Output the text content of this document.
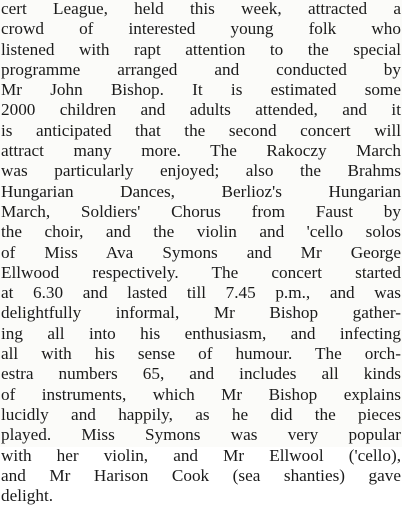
cert League, held this week, attracted a
crowd of interested young folk who
listened with rapt attention to the special
programme arranged and conducted by
Mr John Bishop. It is estimated some
2000 children and adults attended, and it
is anticipated that the second concert will
attract many more. The Rakoczy March
was particularly enjoyed; also the Brahms
Hungarian Dances, Berlioz's Hungarian
March, Soldiers' Chorus from Faust by
the choir, and the violin and 'cello solos
of Miss Ava Symons and Mr George
Ellwood respectively. The concert started
at 6.30 and lasted till 7.45 p.m., and was
delightfully informal, Mr Bishop gather-
ing all into his enthusiasm, and infecting
all with his sense of humour. The orch-
estra numbers 65, and includes all kinds
of instruments, which Mr Bishop explains
lucidly and happily, as he did the pieces
played. Miss Symons was very popular
with her violin, and Mr Ellwool ('cello),
and Mr Harison Cook (sea shanties) gave
delight.
